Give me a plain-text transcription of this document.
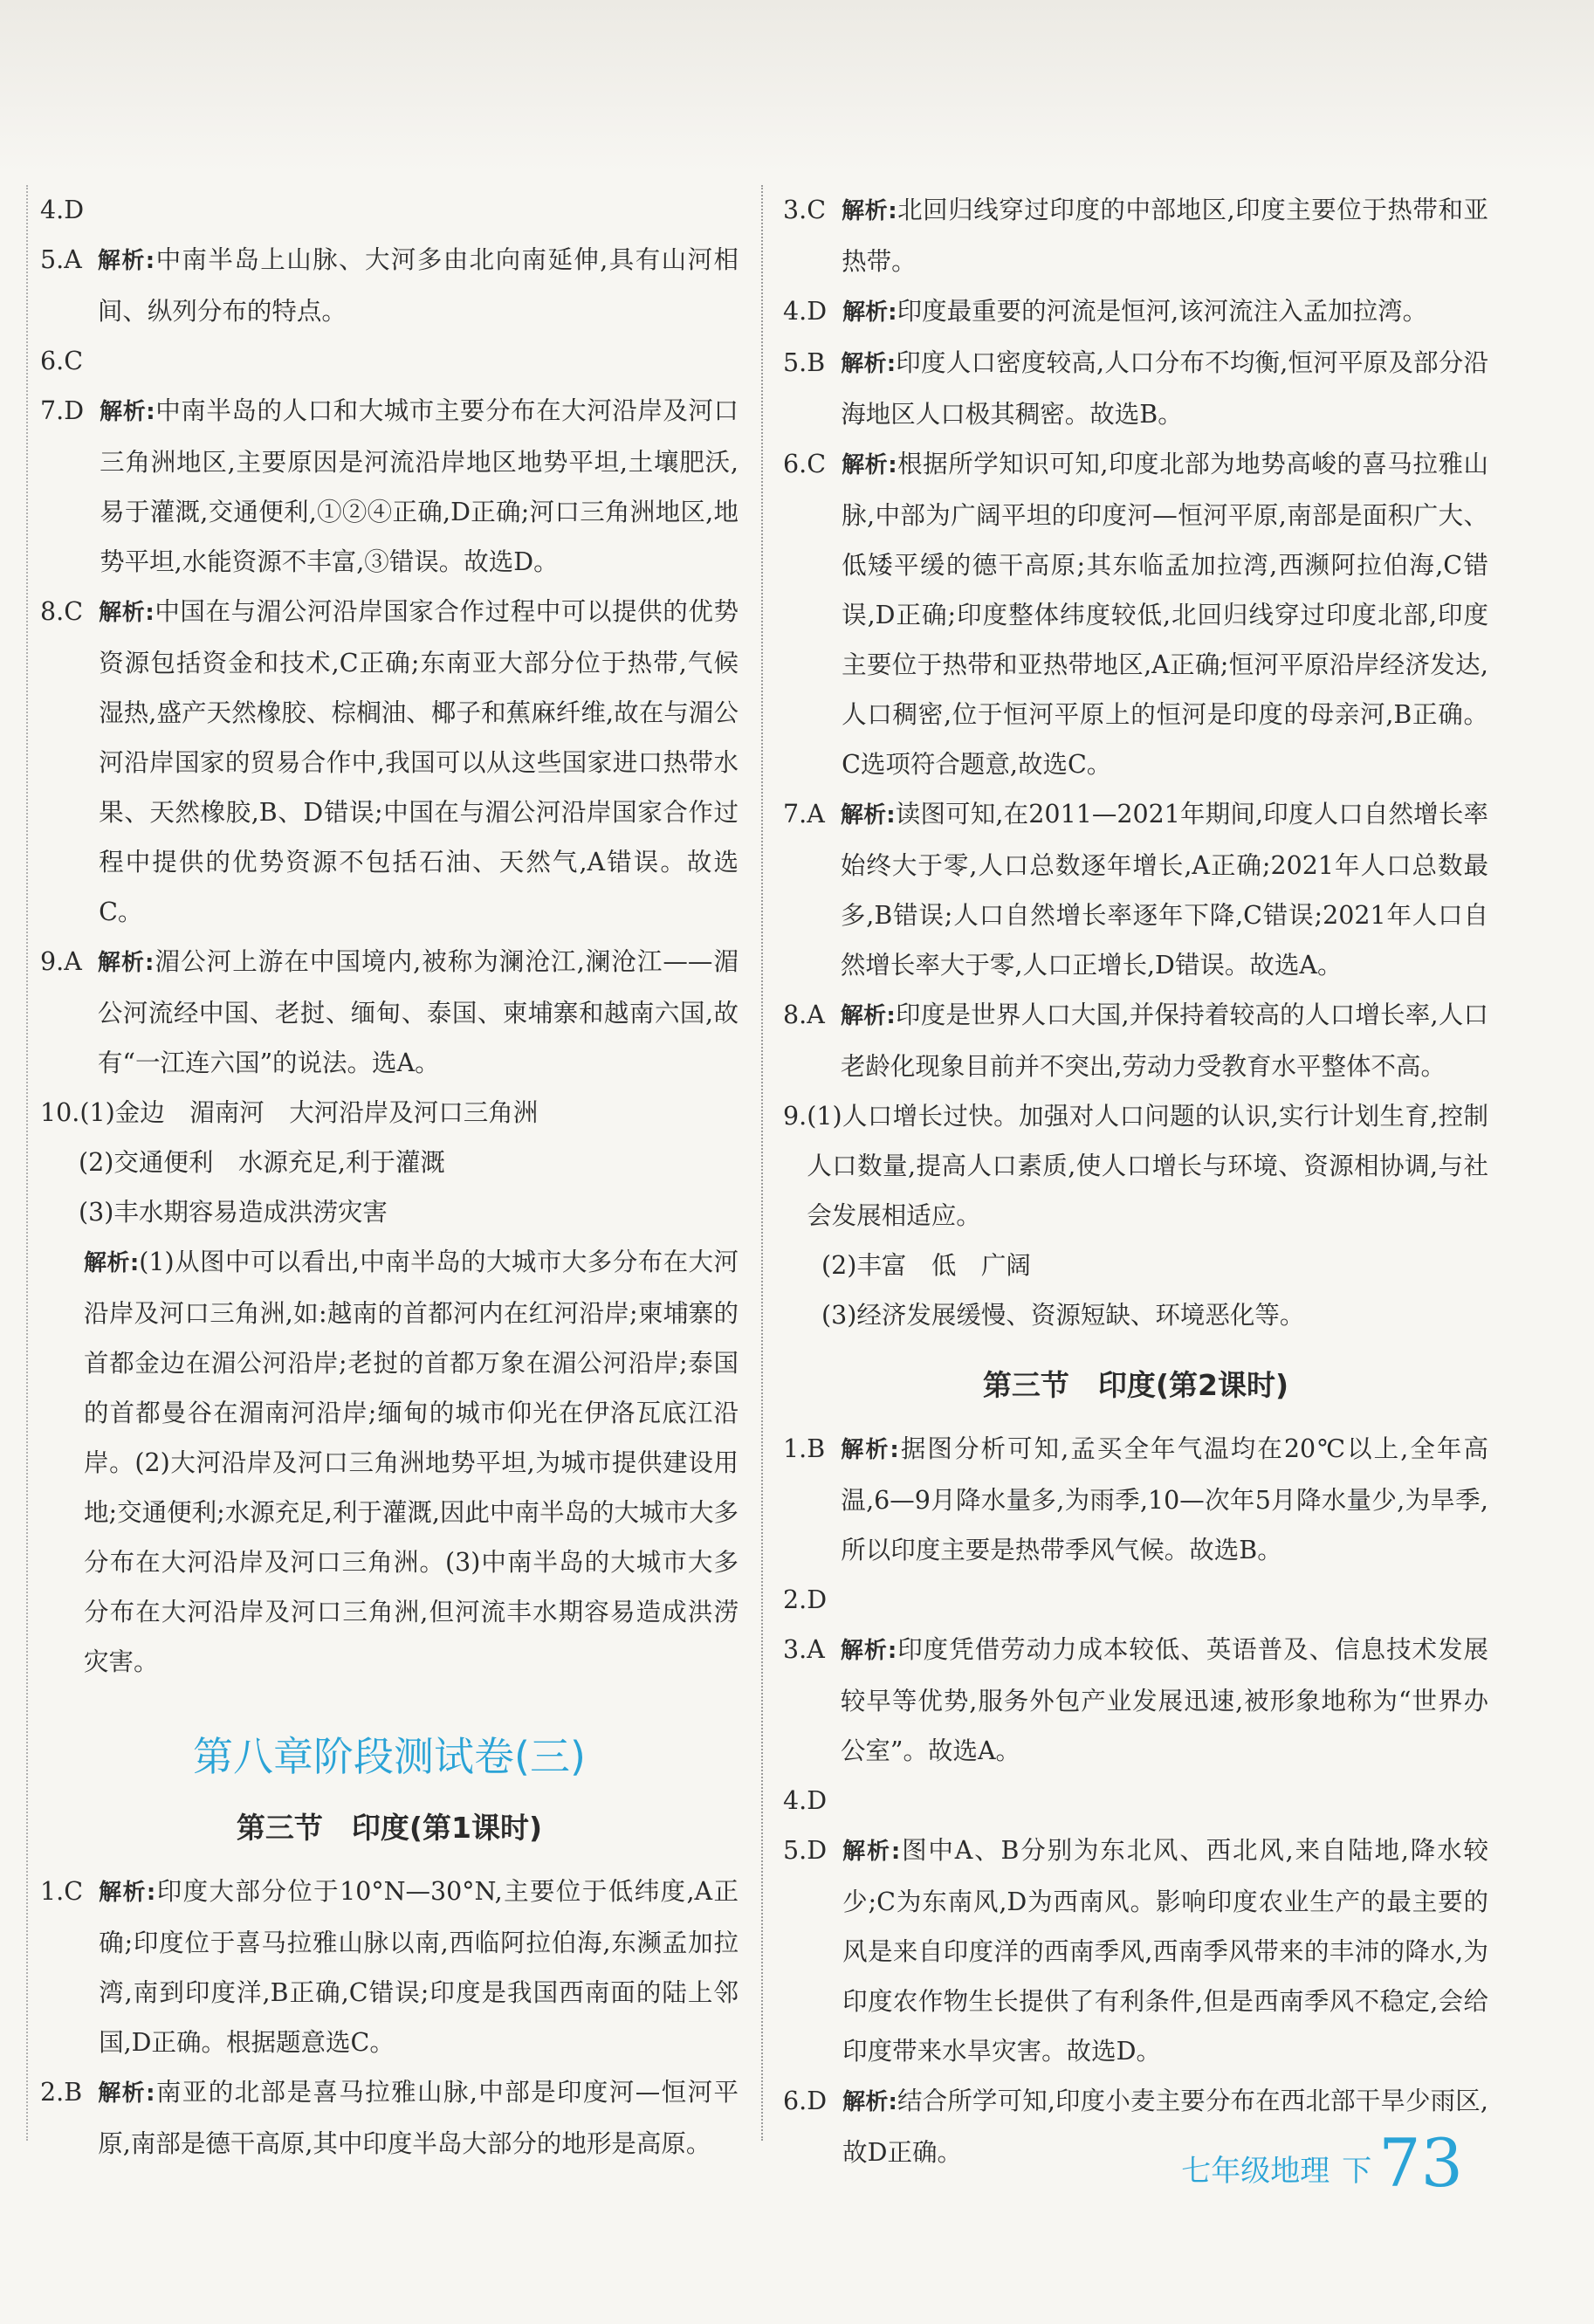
4.D
5.A
解析:中南半岛上山脉、大河多由北向南延伸,具有山河相间、纵列分布的特点。
6.C
7.D
解析:中南半岛的人口和大城市主要分布在大河沿岸及河口三角洲地区,主要原因是河流沿岸地区地势平坦,土壤肥沃,易于灌溉,交通便利,①②④正确,D正确;河口三角洲地区,地势平坦,水能资源不丰富,③错误。故选D。
8.C
解析:中国在与湄公河沿岸国家合作过程中可以提供的优势资源包括资金和技术,C正确;东南亚大部分位于热带,气候湿热,盛产天然橡胶、棕榈油、椰子和蕉麻纤维,故在与湄公河沿岸国家的贸易合作中,我国可以从这些国家进口热带水果、天然橡胶,B、D错误;中国在与湄公河沿岸国家合作过程中提供的优势资源不包括石油、天然气,A错误。故选C。
9.A
解析:湄公河上游在中国境内,被称为澜沧江,澜沧江——湄公河流经中国、老挝、缅甸、泰国、柬埔寨和越南六国,故有“一江连六国”的说法。选A。
10. (1)金边　湄南河　大河沿岸及河口三角洲
(2)交通便利　水源充足,利于灌溉
(3)丰水期容易造成洪涝灾害
解析:(1)从图中可以看出,中南半岛的大城市大多分布在大河沿岸及河口三角洲,如:越南的首都河内在红河沿岸;柬埔寨的首都金边在湄公河沿岸;老挝的首都万象在湄公河沿岸;泰国的首都曼谷在湄南河沿岸;缅甸的城市仰光在伊洛瓦底江沿岸。(2)大河沿岸及河口三角洲地势平坦,为城市提供建设用地;交通便利;水源充足,利于灌溉,因此中南半岛的大城市大多分布在大河沿岸及河口三角洲。(3)中南半岛的大城市大多分布在大河沿岸及河口三角洲,但河流丰水期容易造成洪涝灾害。
第八章阶段测试卷(三)
第三节　印度(第1课时)
1.C
解析:印度大部分位于10°N—30°N,主要位于低纬度,A正确;印度位于喜马拉雅山脉以南,西临阿拉伯海,东濒孟加拉湾,南到印度洋,B正确,C错误;印度是我国西南面的陆上邻国,D正确。根据题意选C。
2.B
解析:南亚的北部是喜马拉雅山脉,中部是印度河—恒河平原,南部是德干高原,其中印度半岛大部分的地形是高原。
3.C
解析:北回归线穿过印度的中部地区,印度主要位于热带和亚热带。
4.D
解析:印度最重要的河流是恒河,该河流注入孟加拉湾。
5.B
解析:印度人口密度较高,人口分布不均衡,恒河平原及部分沿海地区人口极其稠密。故选B。
6.C
解析:根据所学知识可知,印度北部为地势高峻的喜马拉雅山脉,中部为广阔平坦的印度河—恒河平原,南部是面积广大、低矮平缓的德干高原;其东临孟加拉湾,西濒阿拉伯海,C错误,D正确;印度整体纬度较低,北回归线穿过印度北部,印度主要位于热带和亚热带地区,A正确;恒河平原沿岸经济发达,人口稠密,位于恒河平原上的恒河是印度的母亲河,B正确。C选项符合题意,故选C。
7.A
解析:读图可知,在2011—2021年期间,印度人口自然增长率始终大于零,人口总数逐年增长,A正确;2021年人口总数最多,B错误;人口自然增长率逐年下降,C错误;2021年人口自然增长率大于零,人口正增长,D错误。故选A。
8.A
解析:印度是世界人口大国,并保持着较高的人口增长率,人口老龄化现象目前并不突出,劳动力受教育水平整体不高。
9. (1)人口增长过快。加强对人口问题的认识,实行计划生育,控制人口数量,提高人口素质,使人口增长与环境、资源相协调,与社会发展相适应。
(2)丰富　低　广阔
(3)经济发展缓慢、资源短缺、环境恶化等。
第三节　印度(第2课时)
1.B
解析:据图分析可知,孟买全年气温均在20℃以上,全年高温,6—9月降水量多,为雨季,10—次年5月降水量少,为旱季,所以印度主要是热带季风气候。故选B。
2.D
3.A
解析:印度凭借劳动力成本较低、英语普及、信息技术发展较早等优势,服务外包产业发展迅速,被形象地称为“世界办公室”。故选A。
4.D
5.D
解析:图中A、B分别为东北风、西北风,来自陆地,降水较少;C为东南风,D为西南风。影响印度农业生产的最主要的风是来自印度洋的西南季风,西南季风带来的丰沛的降水,为印度农作物生长提供了有利条件,但是西南季风不稳定,会给印度带来水旱灾害。故选D。
6.D
解析:结合所学可知,印度小麦主要分布在西北部干旱少雨区,故D正确。
七年级地理 下 73
